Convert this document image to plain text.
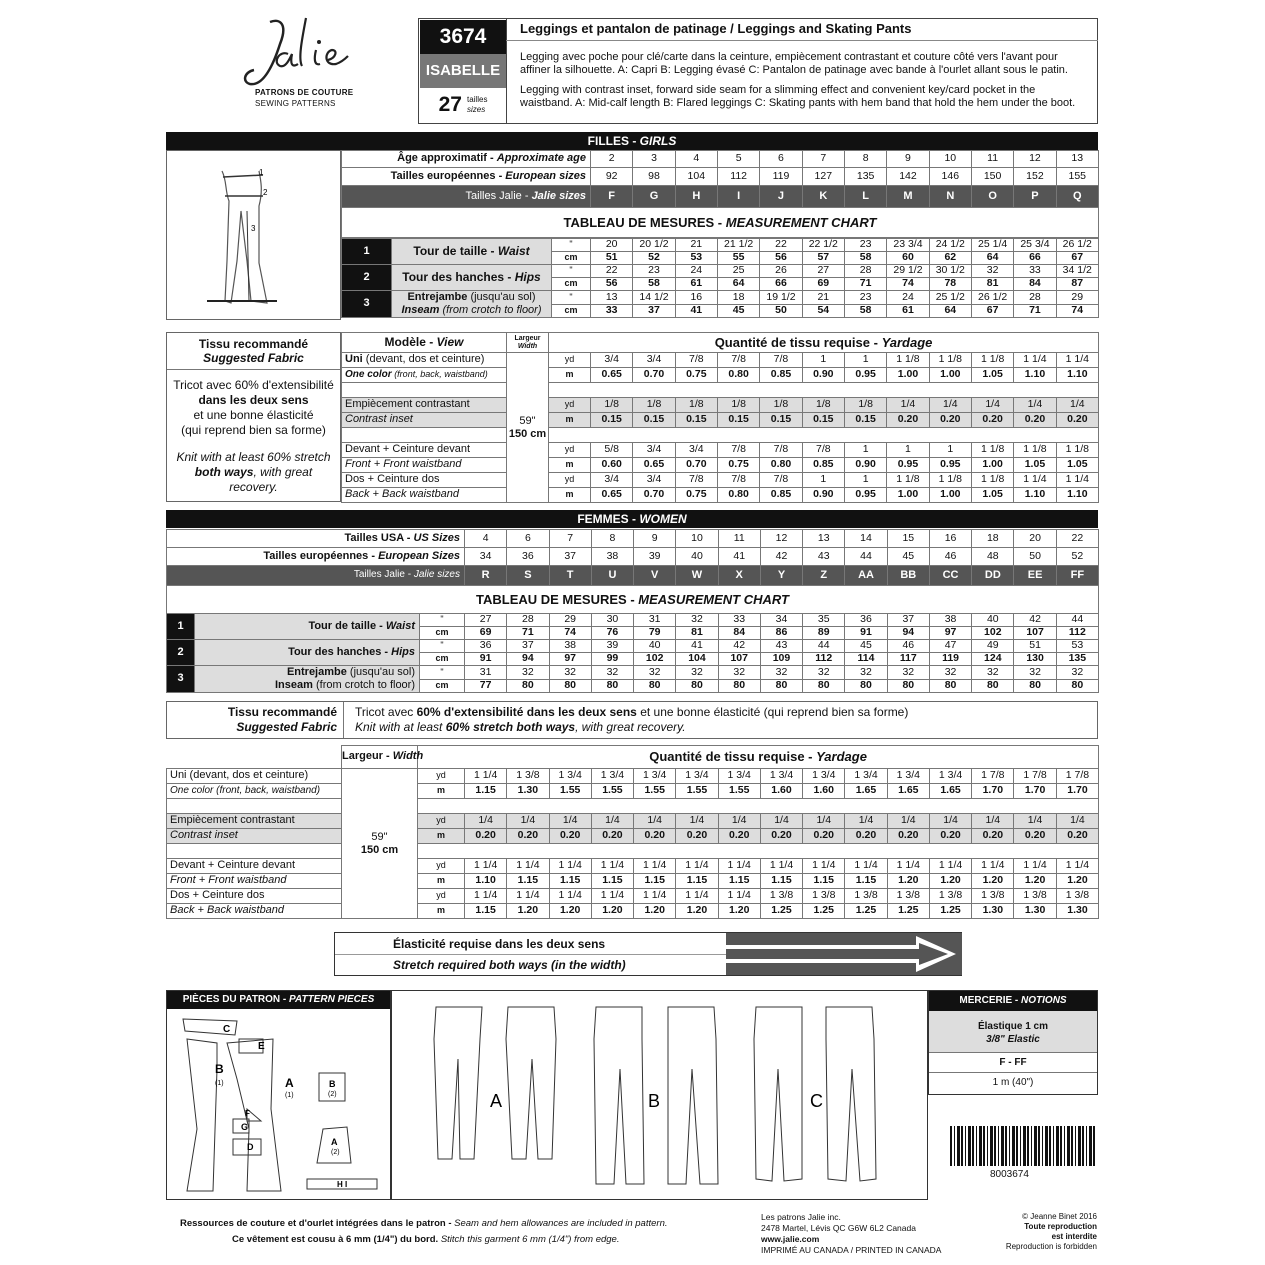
PATRONS DE COUTURE
SEWING PATTERNS
3674
ISABELLE
27 tailles
sizes
Leggings et pantalon de patinage / Leggings and Skating Pants
Legging avec poche pour clé/carte dans la ceinture, empiècement contrastant et couture côté vers l'avant pour affiner la silhouette. A: Capri B: Legging évasé C: Pantalon de patinage avec bande à l'ourlet allant sous le patin.
Legging with contrast inset, forward side seam for a slimming effect and convenient key/card pocket in the waistband. A: Mid-calf length B: Flared leggings C: Skating pants with hem band that hold the hem under the boot.
FILLES - GIRLS
1
2
3
Âge approximatif - Approximate age	2	3	4	5	6	7	8	9	10	11	12	13
Tailles européennes - European sizes	92	98	104	112	119	127	135	142	146	150	152	155
Tailles Jalie - Jalie sizes	F	G	H	I	J	K	L	M	N	O	P	Q
TABLEAU DE MESURES - MEASUREMENT CHART												
1	Tour de taille - Waist	"	20	20 1/2	21	21 1/2	22	22 1/2	23	23 3/4	24 1/2	25 1/4	25 3/4	26 1/2
		cm	51	52	53	55	56	57	58	60	62	64	66	67
2	Tour des hanches - Hips	"	22	23	24	25	26	27	28	29 1/2	30 1/2	32	33	34 1/2
		cm	56	58	61	64	66	69	71	74	78	81	84	87
3	Entrejambe (jusqu'au sol)
Inseam (from crotch to floor)	"	13	14 1/2	16	18	19 1/2	21	23	24	25 1/2	26 1/2	28	29
		cm	33	37	41	45	50	54	58	61	64	67	71	74
Tissu recommandé
Suggested Fabric
Tricot avec 60% d'extensibilité
dans les deux sens
et une bonne élasticité
(qui reprend bien sa forme)
Knit with at least 60% stretch
both ways, with great
recovery.
Modèle - View	Largeur
Width	Quantité de tissu requise - Yardage												
Uni (devant, dos et ceinture)	59"
150 cm	yd	3/4	3/4	7/8	7/8	7/8	1	1	1 1/8	1 1/8	1 1/8	1 1/4	1 1/4
One color (front, back, waistband)		m	0.65	0.70	0.75	0.80	0.85	0.90	0.95	1.00	1.00	1.05	1.10	1.10

Empiècement contrastant		yd	1/8	1/8	1/8	1/8	1/8	1/8	1/8	1/4	1/4	1/4	1/4	1/4
Contrast inset		m	0.15	0.15	0.15	0.15	0.15	0.15	0.15	0.20	0.20	0.20	0.20	0.20

Devant + Ceinture devant		yd	5/8	3/4	3/4	7/8	7/8	7/8	1	1	1	1 1/8	1 1/8	1 1/8
Front + Front waistband		m	0.60	0.65	0.70	0.75	0.80	0.85	0.90	0.95	0.95	1.00	1.05	1.05
Dos + Ceinture dos		yd	3/4	3/4	7/8	7/8	7/8	1	1	1 1/8	1 1/8	1 1/8	1 1/4	1 1/4
Back + Back waistband		m	0.65	0.70	0.75	0.80	0.85	0.90	0.95	1.00	1.00	1.05	1.10	1.10
FEMMES - WOMEN
Tailles USA - US Sizes	4	6	7	8	9	10	11	12	13	14	15	16	18	20	22
Tailles européennes - European Sizes	34	36	37	38	39	40	41	42	43	44	45	46	48	50	52
Tailles Jalie - Jalie sizes	R	S	T	U	V	W	X	Y	Z	AA	BB	CC	DD	EE	FF
TABLEAU DE MESURES - MEASUREMENT CHART															
1	Tour de taille - Waist	"	27	28	29	30	31	32	33	34	35	36	37	38	40	42	44
		cm	69	71	74	76	79	81	84	86	89	91	94	97	102	107	112
2	Tour des hanches - Hips	"	36	37	38	39	40	41	42	43	44	45	46	47	49	51	53
		cm	91	94	97	99	102	104	107	109	112	114	117	119	124	130	135
3	Entrejambe (jusqu'au sol)
Inseam (from crotch to floor)	"	31	32	32	32	32	32	32	32	32	32	32	32	32	32	32
		cm	77	80	80	80	80	80	80	80	80	80	80	80	80	80	80
Tissu recommandé
Suggested Fabric
Tricot avec 60% d'extensibilité dans les deux sens et une bonne élasticité (qui reprend bien sa forme)
Knit with at least 60% stretch both ways, with great recovery.
	Largeur - Width	Quantité de tissu requise - Yardage															
Uni (devant, dos et ceinture)	59"
150 cm	yd	1 1/4	1 3/8	1 3/4	1 3/4	1 3/4	1 3/4	1 3/4	1 3/4	1 3/4	1 3/4	1 3/4	1 3/4	1 7/8	1 7/8	1 7/8
One color (front, back, waistband)		m	1.15	1.30	1.55	1.55	1.55	1.55	1.55	1.60	1.60	1.65	1.65	1.65	1.70	1.70	1.70

Empiècement contrastant		yd	1/4	1/4	1/4	1/4	1/4	1/4	1/4	1/4	1/4	1/4	1/4	1/4	1/4	1/4	1/4
Contrast inset		m	0.20	0.20	0.20	0.20	0.20	0.20	0.20	0.20	0.20	0.20	0.20	0.20	0.20	0.20	0.20

Devant + Ceinture devant		yd	1 1/4	1 1/4	1 1/4	1 1/4	1 1/4	1 1/4	1 1/4	1 1/4	1 1/4	1 1/4	1 1/4	1 1/4	1 1/4	1 1/4	1 1/4
Front + Front waistband		m	1.10	1.15	1.15	1.15	1.15	1.15	1.15	1.15	1.15	1.15	1.20	1.20	1.20	1.20	1.20
Dos + Ceinture dos		yd	1 1/4	1 1/4	1 1/4	1 1/4	1 1/4	1 1/4	1 1/4	1 3/8	1 3/8	1 3/8	1 3/8	1 3/8	1 3/8	1 3/8	1 3/8
Back + Back waistband		m	1.15	1.20	1.20	1.20	1.20	1.20	1.20	1.25	1.25	1.25	1.25	1.25	1.30	1.30	1.30
Élasticité requise dans les deux sens
Stretch required both ways (in the width)
PIÈCES DU PATRON - PATTERN PIECES
C
E
B
(1)	A
(1)
B
(2)
F
G
D	A
(2)
H I
A	B	C
MERCERIE - NOTIONS
Élastique 1 cm
3/8" Elastic
F - FF
1 m (40")
8003674
Ressources de couture et d'ourlet intégrées dans le patron - Seam and hem allowances are included in pattern.
Ce vêtement est cousu à 6 mm (1/4") du bord. Stitch this garment 6 mm (1/4") from edge.
Les patrons Jalie inc.
2478 Martel, Lévis QC G6W 6L2 Canada
www.jalie.com
IMPRIMÉ AU CANADA / PRINTED IN CANADA
© Jeanne Binet 2016
Toute reproduction
est interdite
Reproduction is forbidden
